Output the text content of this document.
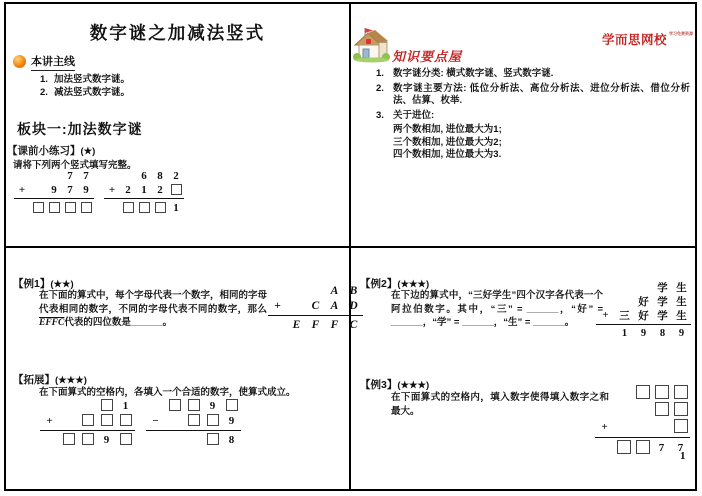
数字谜之加减法竖式
本讲主线
1. 加法竖式数字谜。
2. 减法竖式数字谜。
板块一:加法数字谜
【课前小练习】(★)
请将下列两个竖式填写完整。
7 7
+ 9 7 9
6 8 2
+ 2 1 2
1
知识要点屋
学而思网校 学习免费资源
1. 数字谜分类: 横式数字谜、竖式数字谜.
2. 数字谜主要方法: 低位分析法、高位分析法、进位分析法、借位分析法、估算、枚举.
3. 关于进位:
两个数相加, 进位最大为1;
三个数相加, 进位最大为2;
四个数相加, 进位最大为3.
【例1】(★★)
在下面的算式中，每个字母代表一个数字，相同的字母代表相同的数字，不同的字母代表不同的数字，那么EFFC代表的四位数是______。
A B
+	C A D
E F F C
【拓展】(★★★)
在下面算式的空格内，各填入一个合适的数字，使算式成立。
1
+
9
9
−	9
8
【例2】(★★★)
在下边的算式中，“三好学生”四个汉字各代表一个阿拉伯数字。其中，“三” = ______，“好” = ______，“学” = ______，“生” = ______。
学 生
好 学 生
+ 三 好 学 生
1 9 8 9
【例3】(★★★)
在下面算式的空格内，填入数字使得填入数字之和最大。
+
7 7
1
